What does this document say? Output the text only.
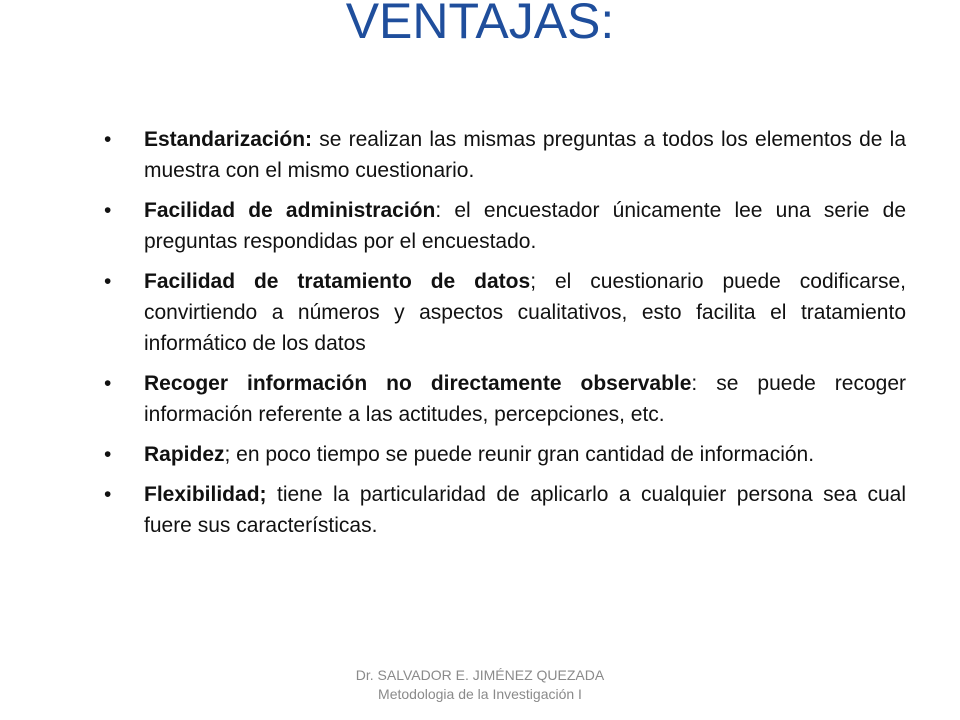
VENTAJAS:
• Estandarización: se realizan las mismas preguntas a todos los elementos de la muestra con el mismo cuestionario.
• Facilidad de administración: el encuestador únicamente lee una serie de preguntas respondidas por el encuestado.
• Facilidad de tratamiento de datos; el cuestionario puede codificarse, convirtiendo a números y aspectos cualitativos, esto facilita el tratamiento informático de los datos
• Recoger información no directamente observable: se puede recoger información referente a las actitudes, percepciones, etc.
• Rapidez; en poco tiempo se puede reunir gran cantidad de información.
• Flexibilidad; tiene la particularidad de aplicarlo a cualquier persona sea cual fuere sus características.
Dr. SALVADOR E. JIMÉNEZ QUEZADA
Metodologia de la Investigación I
